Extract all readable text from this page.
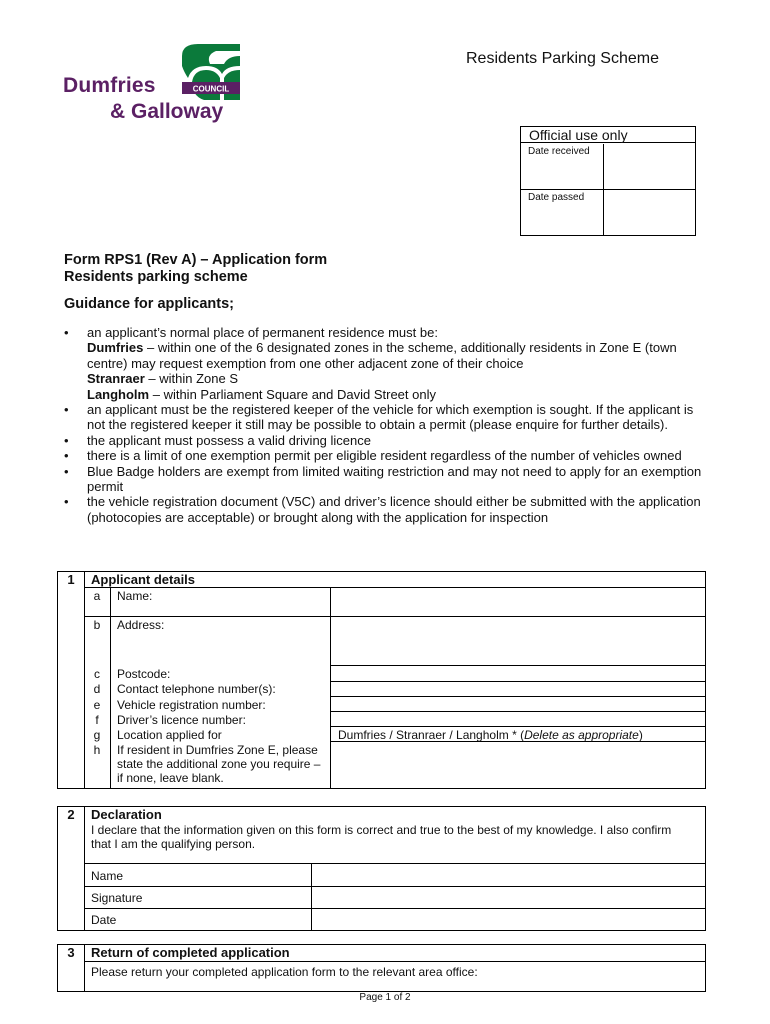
Dumfries
& Galloway
COUNCIL
Residents Parking Scheme
Official use only
Date received
Date passed
Form RPS1 (Rev A) – Application form
Residents parking scheme
Guidance for applicants;
• an applicant’s normal place of permanent residence must be:
Dumfries – within one of the 6 designated zones in the scheme, additionally residents in Zone E (town centre) may request exemption from one other adjacent zone of their choice
Stranraer – within Zone S
Langholm – within Parliament Square and David Street only
• an applicant must be the registered keeper of the vehicle for which exemption is sought. If the applicant is not the registered keeper it still may be possible to obtain a permit (please enquire for further details).
• the applicant must possess a valid driving licence
• there is a limit of one exemption permit per eligible resident regardless of the number of vehicles owned
• Blue Badge holders are exempt from limited waiting restriction and may not need to apply for an exemption permit
• the vehicle registration document (V5C) and driver’s licence should either be submitted with the application (photocopies are acceptable) or brought along with the application for inspection
1	Applicant details
a	Name:
b	Address:
c	Postcode:
d	Contact telephone number(s):
e	Vehicle registration number:
f	Driver’s licence number:
g	Location applied for	Dumfries / Stranraer / Langholm * (Delete as appropriate)
h	If resident in Dumfries Zone E, please state the additional zone you require – if none, leave blank.
2	Declaration
I declare that the information given on this form is correct and true to the best of my knowledge. I also confirm that I am the qualifying person.
Name
Signature
Date
3	Return of completed application
Please return your completed application form to the relevant area office:
Page 1 of 2
